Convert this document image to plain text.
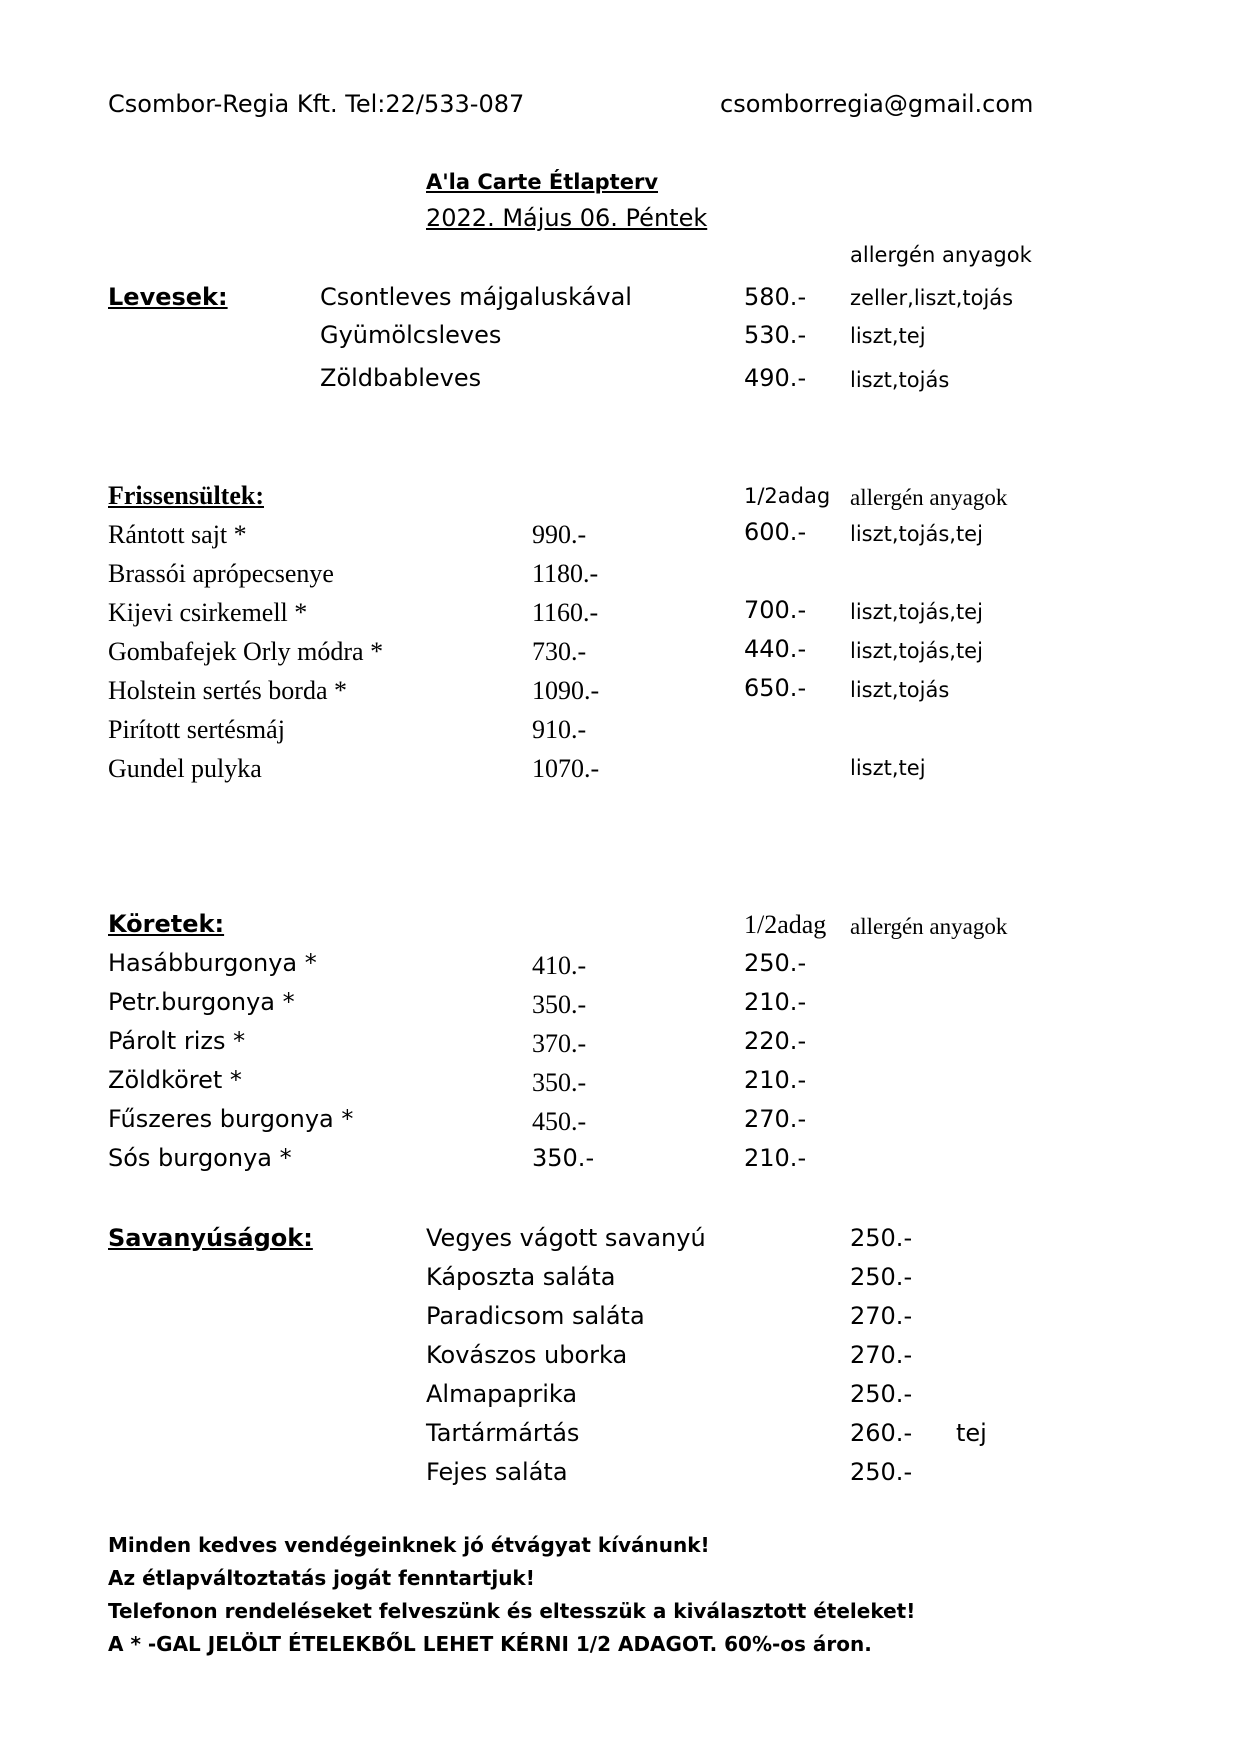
Csombor-Regia Kft. Tel:22/533-087	csomborregia@gmail.com
A'la Carte Étlapterv
2022. Május 06. Péntek
allergén anyagok
Levesek:	Csontleves májgaluskával	580.- zeller,liszt,tojás
Gyümölcsleves	530.- liszt,tej
Zöldbableves	490.- liszt,tojás
Frissensültek:	1/2adag allergén anyagok
Rántott sajt *	990.-	600.- liszt,tojás,tej
Brassói aprópecsenye	1180.-
Kijevi csirkemell *	1160.-	700.- liszt,tojás,tej
Gombafejek Orly módra *	730.-	440.- liszt,tojás,tej
Holstein sertés borda *	1090.-	650.- liszt,tojás
Pirított sertésmáj	910.-
Gundel pulyka	1070.-	liszt,tej
Köretek:	1/2adag allergén anyagok
Hasábburgonya *	410.-	250.-
Petr.burgonya *	350.-	210.-
Párolt rizs *	370.-	220.-
Zöldköret *	350.-	210.-
Fűszeres burgonya *	450.-	270.-
Sós burgonya *	350.-	210.-
Savanyúságok:	Vegyes vágott savanyú	250.-
Káposzta saláta	250.-
Paradicsom saláta	270.-
Kovászos uborka	270.-
Almapaprika	250.-
Tartármártás	260.- tej
Fejes saláta	250.-
Minden kedves vendégeinknek jó étvágyat kívánunk!
Az étlapváltoztatás jogát fenntartjuk!
Telefonon rendeléseket felveszünk és eltesszük a kiválasztott ételeket!
A * -GAL JELÖLT ÉTELEKBŐL LEHET KÉRNI 1/2 ADAGOT. 60%-os áron.
